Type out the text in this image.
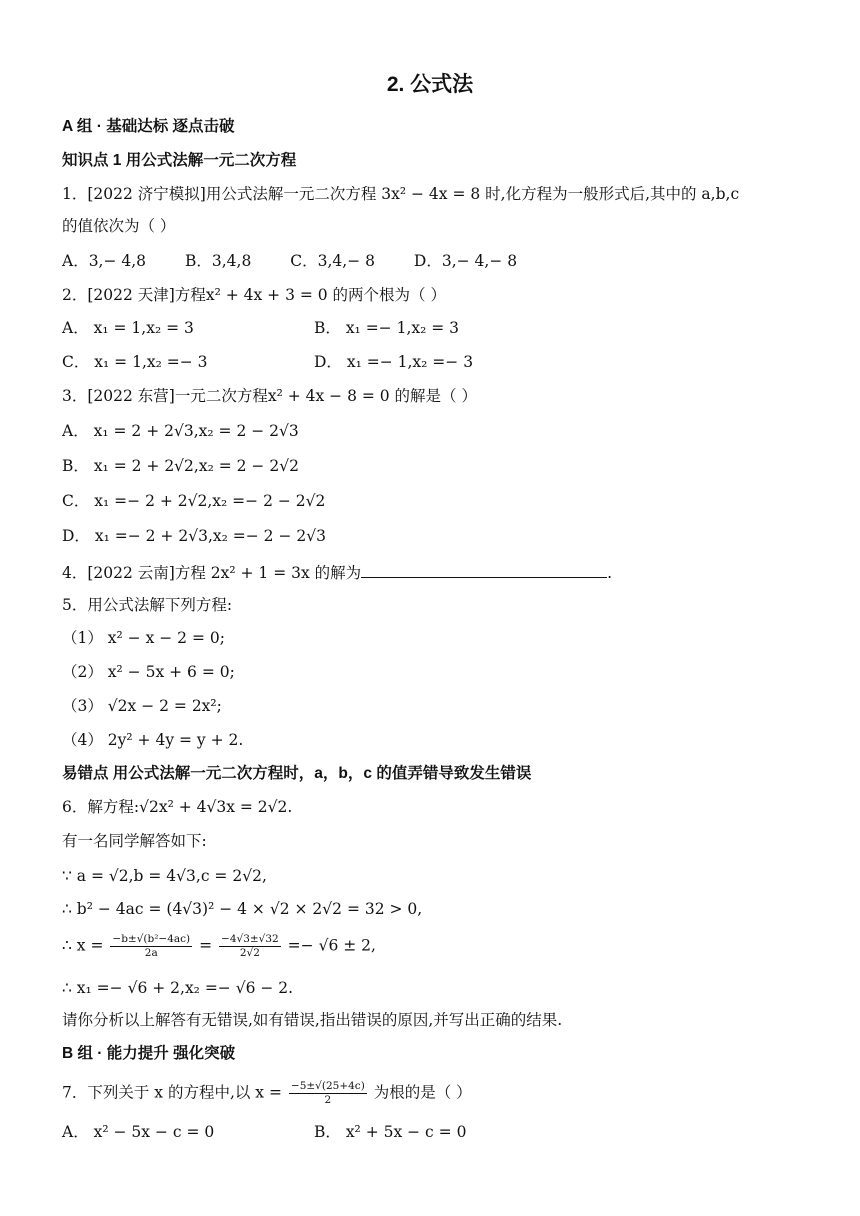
2. 公式法
A 组 · 基础达标 逐点击破
知识点 1 用公式法解一元二次方程
1．[2022 济宁模拟]用公式法解一元二次方程 3x² − 4x = 8 时,化方程为一般形式后,其中的 a,b,c
的值依次为（ ）
A．3,− 4,8	B．3,4,8	C．3,4,− 8	D．3,− 4,− 8
2．[2022 天津]方程x² + 4x + 3 = 0 的两个根为（ ）
A． x₁ = 1,x₂ = 3	B． x₁ =− 1,x₂ = 3
C． x₁ = 1,x₂ =− 3	D． x₁ =− 1,x₂ =− 3
3．[2022 东营]一元二次方程x² + 4x − 8 = 0 的解是（ ）
A． x₁ = 2 + 2√3,x₂ = 2 − 2√3
B． x₁ = 2 + 2√2,x₂ = 2 − 2√2
C． x₁ =− 2 + 2√2,x₂ =− 2 − 2√2
D． x₁ =− 2 + 2√3,x₂ =− 2 − 2√3
4．[2022 云南]方程 2x² + 1 = 3x 的解为	.
5．用公式法解下列方程:
（1） x² − x − 2 = 0;
（2） x² − 5x + 6 = 0;
（3） √2x − 2 = 2x²;
（4） 2y² + 4y = y + 2.
易错点 用公式法解一元二次方程时，a，b，c 的值弄错导致发生错误
6．解方程:√2x² + 4√3x = 2√2.
有一名同学解答如下:
∵ a = √2,b = 4√3,c = 2√2,
∴ b² − 4ac = (4√3)² − 4 × √2 × 2√2 = 32 > 0,
∴ $x = \frac{\text{−b±√(b²−4ac)}}{2a} = \frac{-4√3\pm√32}{2√2} =- √6 \pm 2$,
∴ x₁ =− √6 + 2,x₂ =− √6 − 2.
请你分析以上解答有无错误,如有错误,指出错误的原因,并写出正确的结果.
B 组 · 能力提升 强化突破
7．下列关于 x 的方程中,以 $x = \frac{-5\pm√(25+4c)}{2}$ 为根的是（ ）
A． x² − 5x − c = 0	B． x² + 5x − c = 0
